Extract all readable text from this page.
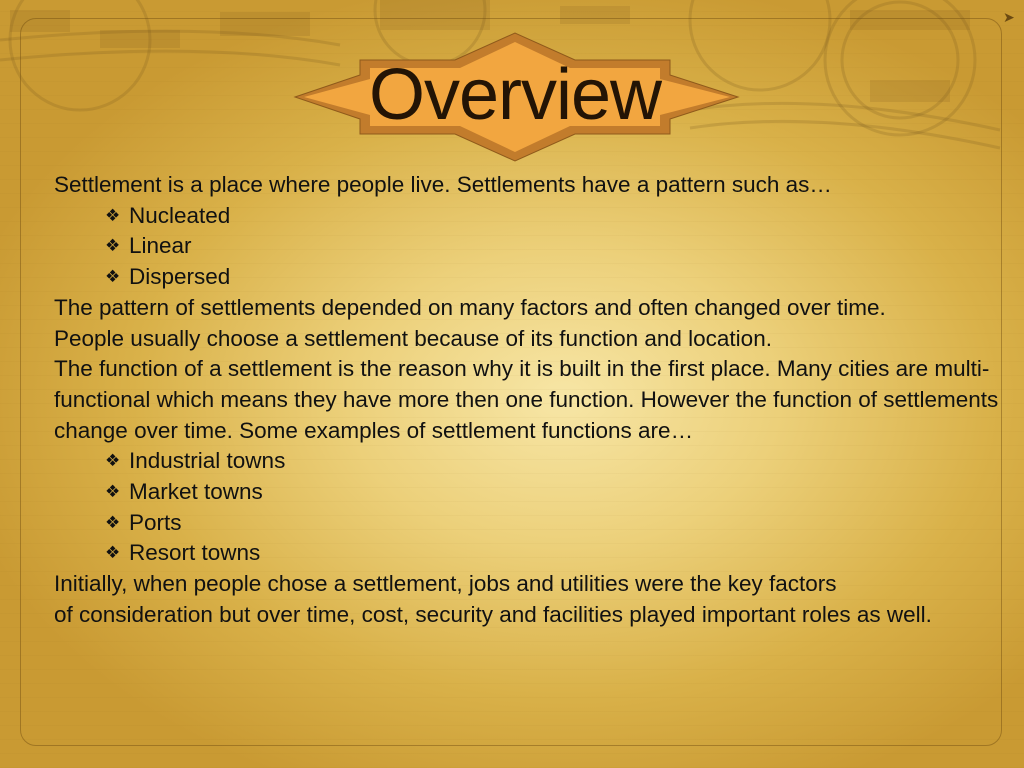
➤
Overview

Settlement is a place where people live. Settlements have a pattern such as…

❖ Nucleated
❖ Linear
❖ Dispersed

The pattern of settlements depended on many factors and often changed over time.

People usually choose a settlement because of its function and location.

The function of a settlement is the reason why it is built in the first place. Many cities are multi-functional which means they have more then one function. However the function of settlements change over time. Some examples of settlement functions are…

❖ Industrial towns
❖ Market towns
❖ Ports
❖ Resort towns

Initially, when people chose a settlement, jobs and utilities were the key factors

of consideration but over time, cost, security and facilities played important roles as well.
